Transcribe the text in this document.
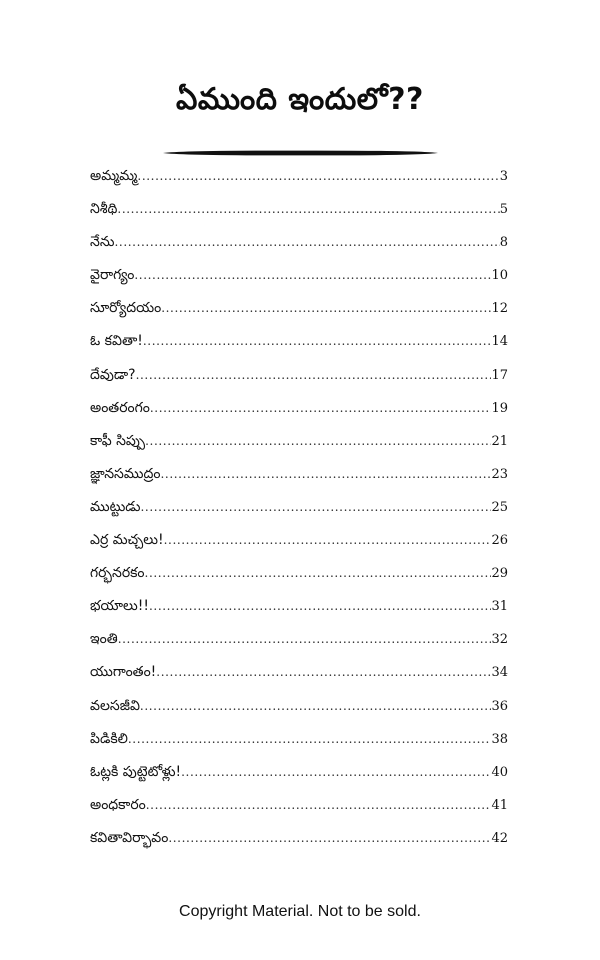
ఏముంది ఇందులో??
అమ్మమ్మ .....	3
నిశీథి .....	5
నేను .....	8
వైరాగ్యం .....	10
సూర్యోదయం .....	12
ఓ కవితా! .....	14
దేవుడా? .....	17
అంతరంగం .....	19
కాఫీ సిప్పు .....	21
జ్ఞానసముద్రం .....	23
ముట్టుడు .....	25
ఎర్ర మచ్చలు! .....	26
గర్భనరకం .....	29
భయాలు!! .....	31
ఇంతి .....	32
యుగాంతం! .....	34
వలసజీవి .....	36
పిడికిలి .....	38
ఓట్లకి పుట్టెటోళ్లు! .....	40
అంధకారం .....	41
కవితావిర్భావం .....	42
Copyright Material. Not to be sold.
